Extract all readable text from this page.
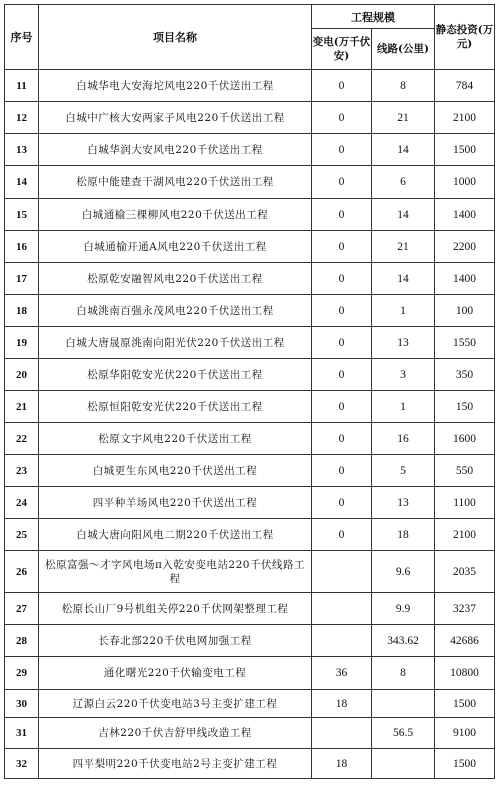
序号	项目名称	工程规模		静态投资(万元)
		变电(万千伏安)	线路(公里)	
11	白城华电大安海坨风电220千伏送出工程	0	8	784
12	白城中广核大安两家子风电220千伏送出工程	0	21	2100
13	白城华润大安风电220千伏送出工程	0	14	1500
14	松原中能建查干湖风电220千伏送出工程	0	6	1000
15	白城通榆三棵柳风电220千伏送出工程	0	14	1400
16	白城通榆开通A风电220千伏送出工程	0	21	2200
17	松原乾安融智风电220千伏送出工程	0	14	1400
18	白城洮南百强永茂风电220千伏送出工程	0	1	100
19	白城大唐晟原洮南向阳光伏220千伏送出工程	0	13	1550
20	松原华阳乾安光伏220千伏送出工程	0	3	350
21	松原恒阳乾安光伏220千伏送出工程	0	1	150
22	松原文宇风电220千伏送出工程	0	16	1600
23	白城更生东风电220千伏送出工程	0	5	550
24	四平种羊场风电220千伏送出工程	0	13	1100
25	白城大唐向阳风电二期220千伏送出工程	0	18	2100
26	松原富强～才字风电场π入乾安变电站220千伏线路工程		9.6	2035
27	松原长山厂9号机组关停220千伏网架整理工程		9.9	3237
28	长春北部220千伏电网加强工程		343.62	42686
29	通化曙光220千伏输变电工程	36	8	10800
30	辽源白云220千伏变电站3号主变扩建工程	18		1500
31	吉林220千伏吉舒甲线改造工程		56.5	9100
32	四平梨明220千伏变电站2号主变扩建工程	18		1500
